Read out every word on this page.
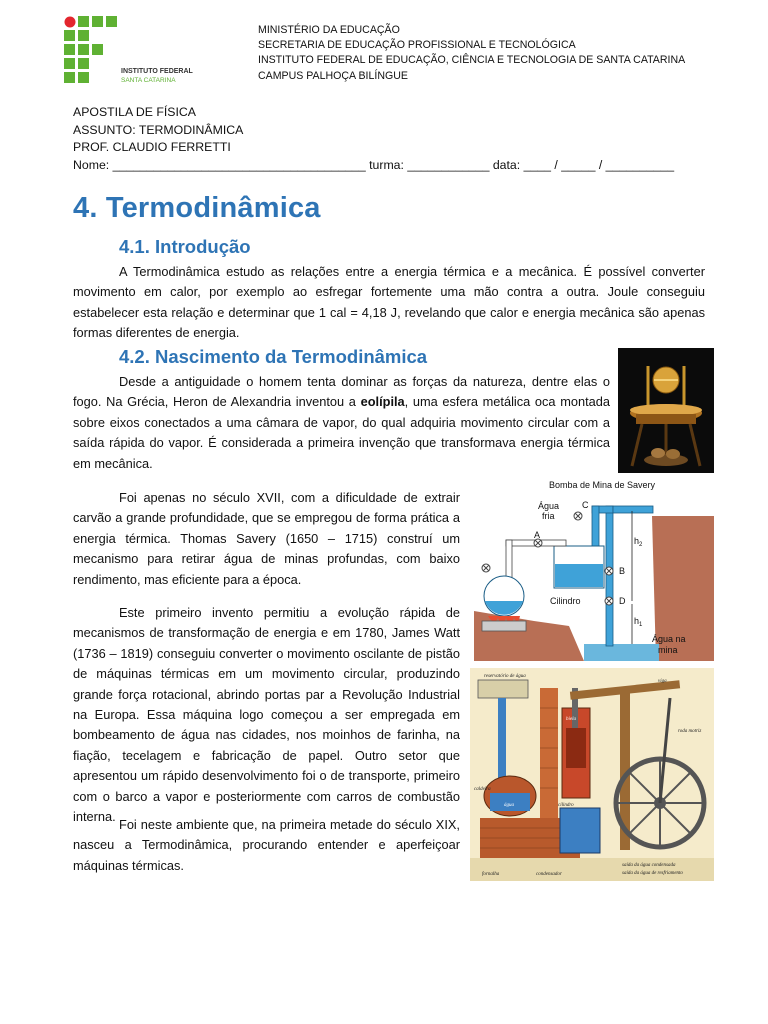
INSTITUTO FEDERAL
SANTA CATARINA
MINISTÉRIO DA EDUCAÇÃO
SECRETARIA DE EDUCAÇÃO PROFISSIONAL E TECNOLÓGICA
INSTITUTO FEDERAL DE EDUCAÇÃO, CIÊNCIA E TECNOLOGIA DE SANTA CATARINA
CAMPUS PALHOÇA BILÍNGUE
APOSTILA DE FÍSICA
ASSUNTO: TERMODINÂMICA
PROF. CLAUDIO FERRETTI
Nome: _____________________________________ turma: ____________ data: ____ / _____ / __________
4. Termodinâmica
4.1. Introdução

A Termodinâmica estudo as relações entre a energia térmica e a mecânica. É possível converter movimento em calor, por exemplo ao esfregar fortemente uma mão contra a outra. Joule conseguiu estabelecer esta relação e determinar que 1 cal = 4,18 J, revelando que calor e energia mecânica são apenas formas diferentes de energia.

4.2. Nascimento da Termodinâmica

Desde a antiguidade o homem tenta dominar as forças da natureza, dentre elas o fogo. Na Grécia, Heron de Alexandria inventou a eolípila, uma esfera metálica oca montada sobre eixos conectados a uma câmara de vapor, do qual adquiria movimento circular com a saída rápida do vapor. É considerada a primeira invenção que transformava energia térmica em mecânica.

Foi apenas no século XVII, com a dificuldade de extrair carvão a grande profundidade, que se empregou de forma prática a energia térmica. Thomas Savery (1650 – 1715) construí um mecanismo para retirar água de minas profundas, com baixo rendimento, mas eficiente para a época.

Este primeiro invento permitiu a evolução rápida de mecanismos de transformação de energia e em 1780, James Watt (1736 – 1819) conseguiu converter o movimento oscilante de pistão de máquinas térmicas em um movimento circular, produzindo grande força rotacional, abrindo portas par a Revolução Industrial na Europa. Essa máquina logo começou a ser empregada em bombeamento de água nas cidades, nos moinhos de farinha, na fiação, tecelagem e fabricação de papel. Outro setor que apresentou um rápido desenvolvimento foi o de transporte, primeiro com o barco a vapor e posteriormente com carros de combustão interna.

Foi neste ambiente que, na primeira metade do século XIX, nasceu a Termodinâmica, procurando entender e aperfeiçoar máquinas térmicas.

Bomba de Mina de Savery
Água
fria
A
C
B
D
Cilindro
$h_2$
$h_1$
Água na
mina
reservatório de água
viga
roda motriz
biela
caldeira
água	cilindro
fornalha	condensador
saída da água condensada
saída da água de resfriamento
